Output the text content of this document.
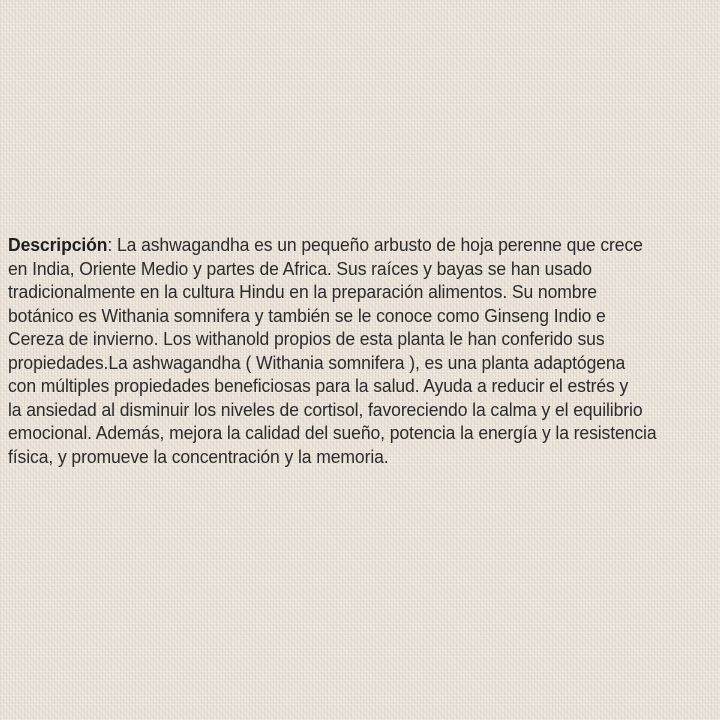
Descripción: La ashwagandha es un pequeño arbusto de hoja perenne que crece
en India, Oriente Medio y partes de Africa. Sus raíces y bayas se han usado
tradicionalmente en la cultura Hindu en la preparación alimentos. Su nombre
botánico es Withania somnifera y también se le conoce como Ginseng Indio e
Cereza de invierno. Los withanold propios de esta planta le han conferido sus
propiedades.La ashwagandha ( Withania somnifera ), es una planta adaptógena
con múltiples propiedades beneficiosas para la salud. Ayuda a reducir el estrés y
la ansiedad al disminuir los niveles de cortisol, favoreciendo la calma y el equilibrio
emocional. Además, mejora la calidad del sueño, potencia la energía y la resistencia
física, y promueve la concentración y la memoria.
